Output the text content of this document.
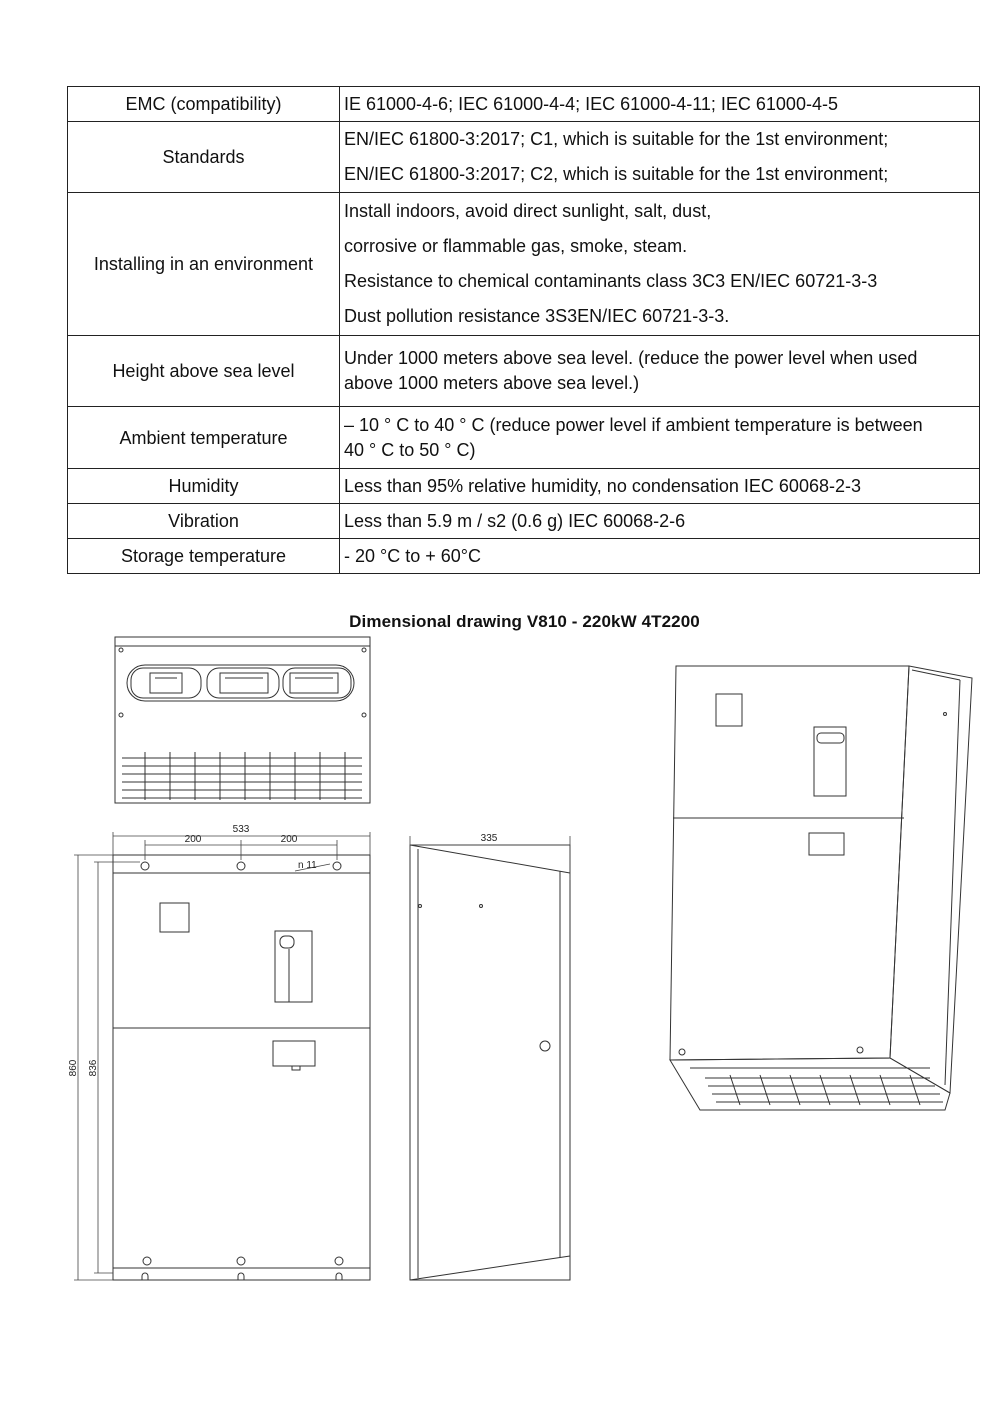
EMC (compatibility)	IE 61000-4-6; IEC 61000-4-4; IEC 61000-4-11; IEC 61000-4-5

Standards	EN/IEC 61800-3:2017; C1, which is suitable for the 1st environment;
EN/IEC 61800-3:2017; C2, which is suitable for the 1st environment;

Installing in an environment	Install indoors, avoid direct sunlight, salt, dust,
corrosive or flammable gas, smoke, steam.
Resistance to chemical contaminants class 3C3 EN/IEC 60721-3-3
Dust pollution resistance 3S3EN/IEC 60721-3-3.

Height above sea level	Under 1000 meters above sea level. (reduce the power level when used
above 1000 meters above sea level.)

Ambient temperature	– 10 ° C to 40 ° C (reduce power level if ambient temperature is between
40 ° C to 50 ° C)

Humidity	Less than 95% relative humidity, no condensation IEC 60068-2-3

Vibration	Less than 5.9 m / s2 (0.6 g) IEC 60068-2-6

Storage temperature	- 20 °C to + 60°C
Dimensional drawing V810 - 220kW 4T2200
533
200	200
n 11
335
860 836
